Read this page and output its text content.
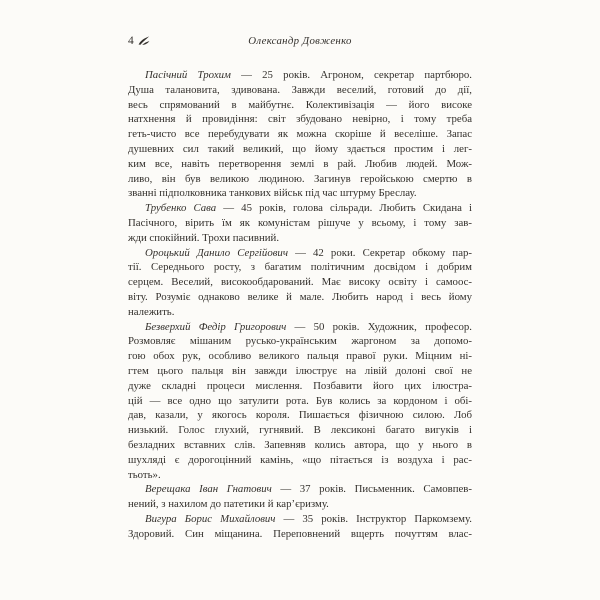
4	Олександр Довженко
Пасічний Трохим — 25 років. Агроном, секретар партбюро.
Душа талановита, здивована. Завжди веселий, готовий до дії,
весь спрямований в майбутнє. Колективізація — його високе
натхнення й провидіння: світ збудовано невірно, і тому треба
геть-чисто все перебудувати як можна скоріше й веселіше. Запас
душевних сил такий великий, що йому здається простим і лег-
ким все, навіть перетворення землі в рай. Любив людей. Мож-
ливо, він був великою людиною. Загинув геройською смертю в
званні підполковника танкових військ під час штурму Бреслау.
Трубенко Сава — 45 років, голова сільради. Любить Скидана і
Пасічного, вірить їм як комуністам рішуче у всьому, і тому зав-
жди спокійний. Трохи пасивний.
Ороцький Данило Сергійович — 42 роки. Секретар обкому пар-
тії. Середнього росту, з багатим політичним досвідом і добрим
серцем. Веселий, високообдарований. Має високу освіту і самоос-
віту. Розуміє однаково велике й мале. Любить народ і весь йому
належить.
Безверхий Федір Григорович — 50 років. Художник, професор.
Розмовляє мішаним русько-українським жаргоном за допомо-
гою обох рук, особливо великого пальця правої руки. Міцним ні-
гтем цього пальця він завжди ілюструє на лівій долоні свої не
дуже складні процеси мислення. Позбавити його цих ілюстра-
цій — все одно що затулити рота. Був колись за кордоном і обі-
дав, казали, у якогось короля. Пишається фізичною силою. Лоб
низький. Голос глухий, гугнявий. В лексиконі багато вигуків і
безладних вставних слів. Запевняв колись автора, що у нього в
шухляді є дорогоцінний камінь, «що пітається із воздуха і рас-
тьоть».
Верещака Іван Гнатович — 37 років. Письменник. Самовпев-
нений, з нахилом до патетики й кар’єризму.
Вигура Борис Михайлович — 35 років. Інструктор Паркомзему.
Здоровий. Син міщанина. Переповнений вщерть почуттям влас-
